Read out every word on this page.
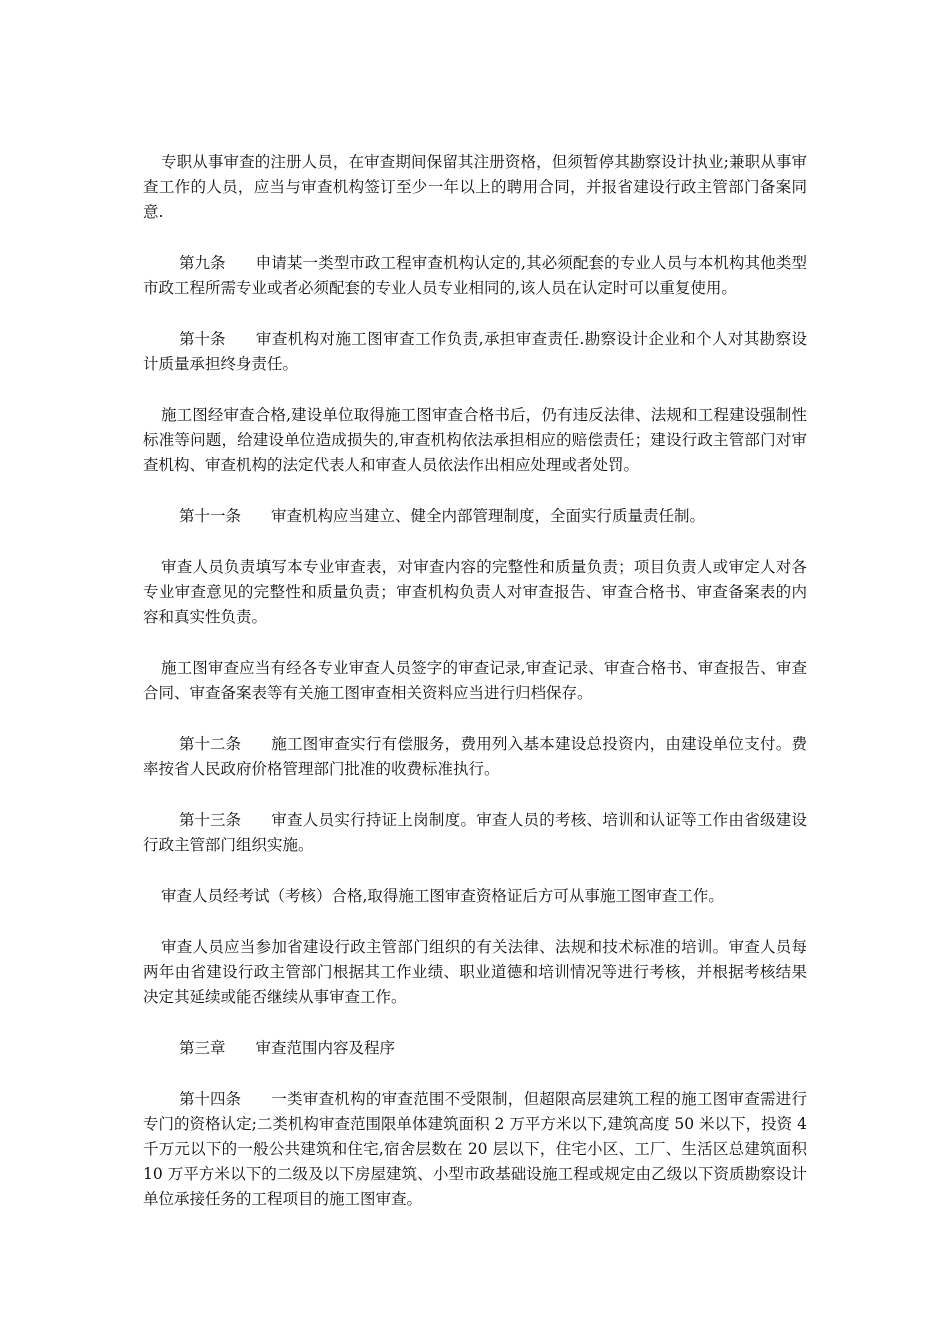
专职从事审查的注册人员，在审查期间保留其注册资格，但须暂停其勘察设计执业;兼职从事审查工作的人员，应当与审查机构签订至少一年以上的聘用合同，并报省建设行政主管部门备案同意.

第九条 申请某一类型市政工程审查机构认定的,其必须配套的专业人员与本机构其他类型市政工程所需专业或者必须配套的专业人员专业相同的,该人员在认定时可以重复使用。

第十条 审查机构对施工图审查工作负责,承担审查责任.勘察设计企业和个人对其勘察设计质量承担终身责任。

施工图经审查合格,建设单位取得施工图审查合格书后，仍有违反法律、法规和工程建设强制性标准等问题，给建设单位造成损失的,审查机构依法承担相应的赔偿责任；建设行政主管部门对审查机构、审查机构的法定代表人和审查人员依法作出相应处理或者处罚。

第十一条 审查机构应当建立、健全内部管理制度，全面实行质量责任制。

审查人员负责填写本专业审查表，对审查内容的完整性和质量负责；项目负责人或审定人对各专业审查意见的完整性和质量负责；审查机构负责人对审查报告、审查合格书、审查备案表的内容和真实性负责。

施工图审查应当有经各专业审查人员签字的审查记录,审查记录、审查合格书、审查报告、审查合同、审查备案表等有关施工图审查相关资料应当进行归档保存。

第十二条 施工图审查实行有偿服务，费用列入基本建设总投资内，由建设单位支付。费率按省人民政府价格管理部门批准的收费标准执行。

第十三条 审查人员实行持证上岗制度。审查人员的考核、培训和认证等工作由省级建设行政主管部门组织实施。

审查人员经考试（考核）合格,取得施工图审查资格证后方可从事施工图审查工作。

审查人员应当参加省建设行政主管部门组织的有关法律、法规和技术标准的培训。审查人员每两年由省建设行政主管部门根据其工作业绩、职业道德和培训情况等进行考核，并根据考核结果决定其延续或能否继续从事审查工作。

第三章 审查范围内容及程序

第十四条 一类审查机构的审查范围不受限制，但超限高层建筑工程的施工图审查需进行专门的资格认定;二类机构审查范围限单体建筑面积 2 万平方米以下,建筑高度 50 米以下，投资 4 千万元以下的一般公共建筑和住宅,宿舍层数在 20 层以下，住宅小区、工厂、生活区总建筑面积 10 万平方米以下的二级及以下房屋建筑、小型市政基础设施工程或规定由乙级以下资质勘察设计单位承接任务的工程项目的施工图审查。
